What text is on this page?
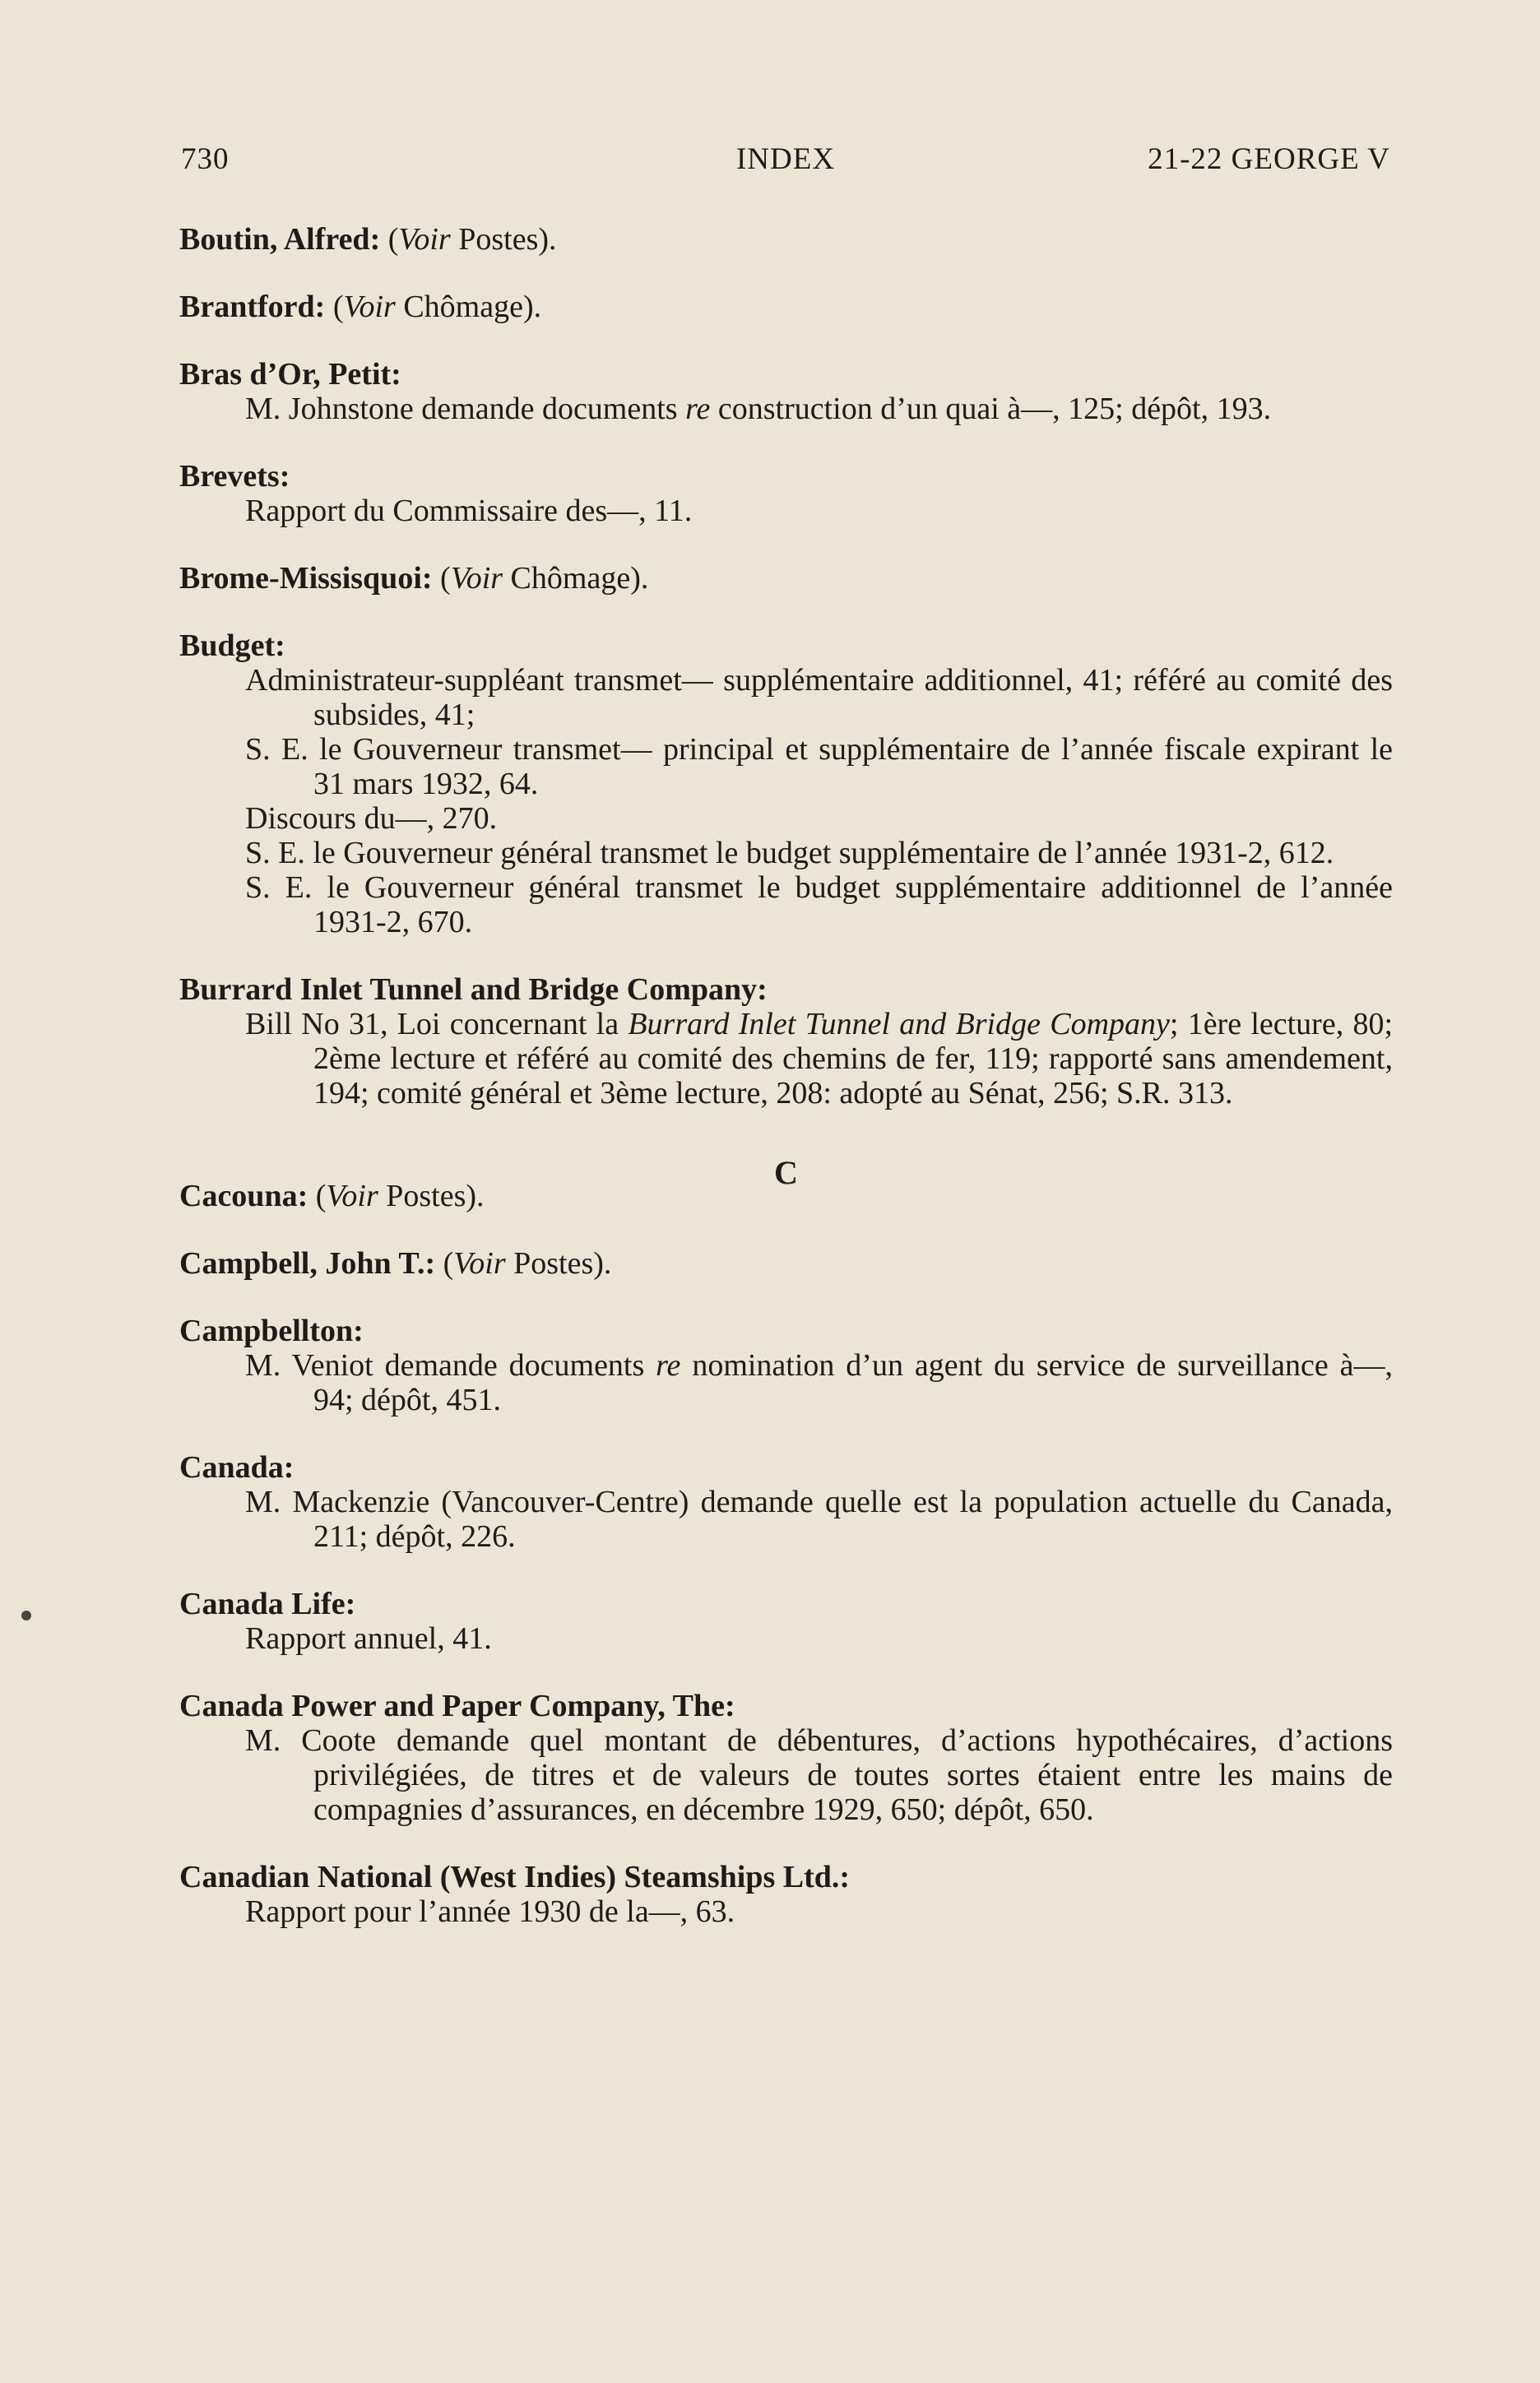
INDEX
730	21-22 GEORGE V
Boutin, Alfred: (Voir Postes).
Brantford: (Voir Chômage).
Bras d’Or, Petit:
M. Johnstone demande documents re construction d’un quai à—, 125; dépôt, 193.
Brevets:
Rapport du Commissaire des—, 11.
Brome-Missisquoi: (Voir Chômage).
Budget:
Administrateur-suppléant transmet— supplémentaire additionnel, 41; référé au comité des subsides, 41;
S. E. le Gouverneur transmet— principal et supplémentaire de l’année fiscale expirant le 31 mars 1932, 64.
Discours du—, 270.
S. E. le Gouverneur général transmet le budget supplémentaire de l’année 1931-2, 612.
S. E. le Gouverneur général transmet le budget supplémentaire additionnel de l’année 1931-2, 670.
Burrard Inlet Tunnel and Bridge Company:
Bill No 31, Loi concernant la Burrard Inlet Tunnel and Bridge Company; 1ère lecture, 80; 2ème lecture et référé au comité des chemins de fer, 119; rapporté sans amendement, 194; comité général et 3ème lecture, 208: adopté au Sénat, 256; S.R. 313.
C
Cacouna: (Voir Postes).
Campbell, John T.: (Voir Postes).
Campbellton:
M. Veniot demande documents re nomination d’un agent du service de surveillance à—, 94; dépôt, 451.
Canada:
M. Mackenzie (Vancouver-Centre) demande quelle est la population actuelle du Canada, 211; dépôt, 226.
Canada Life:
Rapport annuel, 41.
Canada Power and Paper Company, The:
M. Coote demande quel montant de débentures, d’actions hypothécaires, d’actions privilégiées, de titres et de valeurs de toutes sortes étaient entre les mains de compagnies d’assurances, en décembre 1929, 650; dépôt, 650.
Canadian National (West Indies) Steamships Ltd.:
Rapport pour l’année 1930 de la—, 63.
